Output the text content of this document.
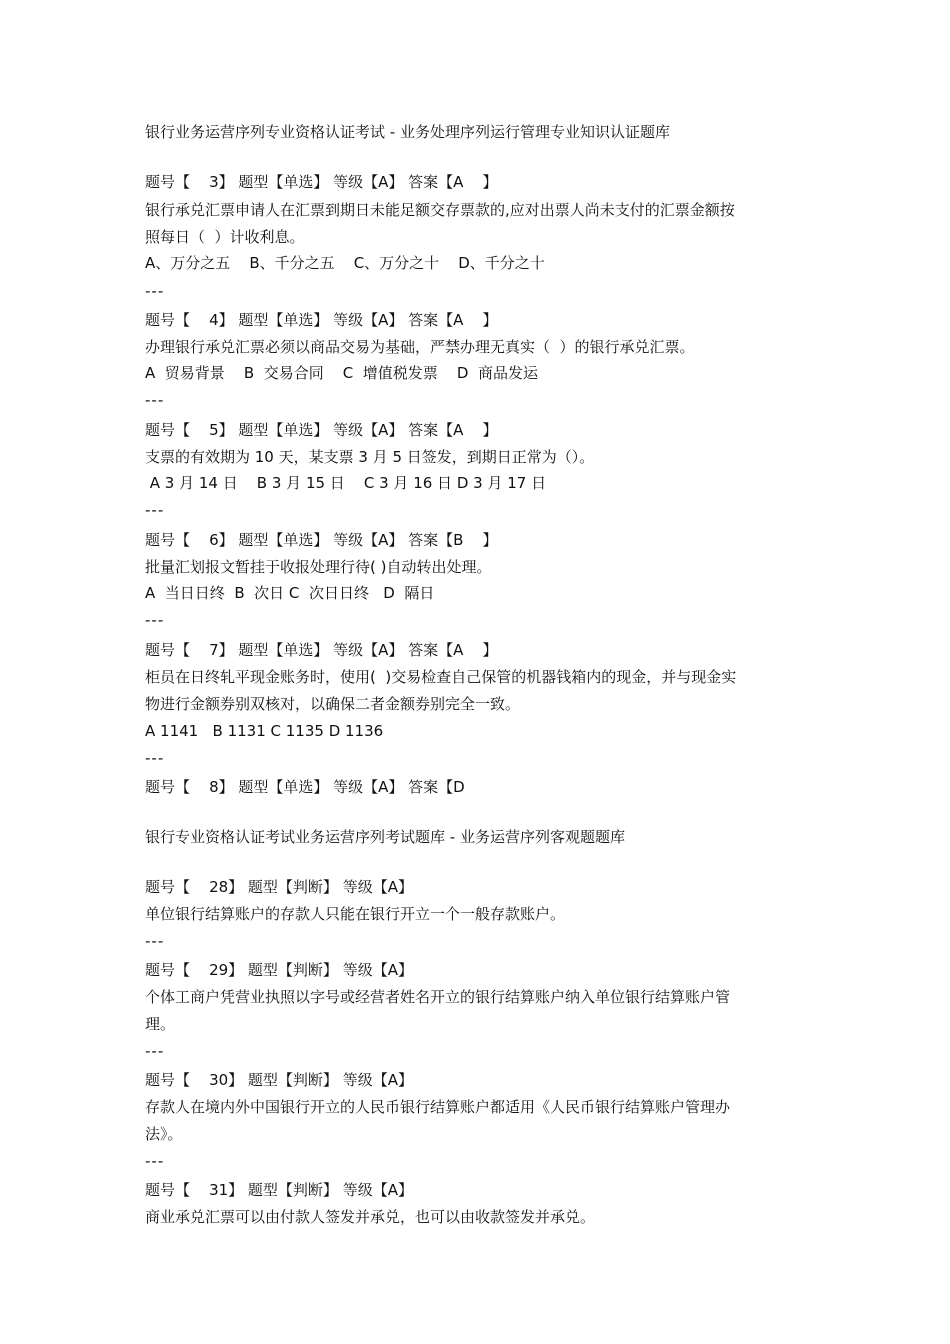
银行业务运营序列专业资格认证考试 - 业务处理序列运行管理专业知识认证题库

题号【    3】 题型【单选】 等级【A】 答案【A    】

银行承兑汇票申请人在汇票到期日未能足额交存票款的,应对出票人尚未支付的汇票金额按

照每日（  ）计收利息。

A、万分之五    B、千分之五    C、万分之十    D、千分之十

---

题号【    4】 题型【单选】 等级【A】 答案【A    】

办理银行承兑汇票必须以商品交易为基础，严禁办理无真实（  ）的银行承兑汇票。

A  贸易背景    B  交易合同    C  增值税发票    D  商品发运

---

题号【    5】 题型【单选】 等级【A】 答案【A    】

支票的有效期为 10 天，某支票 3 月 5 日签发，到期日正常为（）。

A 3 月 14 日    B 3 月 15 日    C 3 月 16 日 D 3 月 17 日

---

题号【    6】 题型【单选】 等级【A】 答案【B    】

批量汇划报文暂挂于收报处理行待( )自动转出处理。

A  当日日终  B  次日 C  次日日终   D  隔日

---

题号【    7】 题型【单选】 等级【A】 答案【A    】

柜员在日终轧平现金账务时，使用(  )交易检查自己保管的机器钱箱内的现金，并与现金实

物进行金额券别双核对，以确保二者金额券别完全一致。

A 1141   B 1131 C 1135 D 1136

---

题号【    8】 题型【单选】 等级【A】 答案【D

银行专业资格认证考试业务运营序列考试题库 - 业务运营序列客观题题库

题号【    28】 题型【判断】 等级【A】

单位银行结算账户的存款人只能在银行开立一个一般存款账户。

---

题号【    29】 题型【判断】 等级【A】

个体工商户凭营业执照以字号或经营者姓名开立的银行结算账户纳入单位银行结算账户管

理。

---

题号【    30】 题型【判断】 等级【A】

存款人在境内外中国银行开立的人民币银行结算账户都适用《人民币银行结算账户管理办

法》。

---

题号【    31】 题型【判断】 等级【A】

商业承兑汇票可以由付款人签发并承兑，也可以由收款签发并承兑。
